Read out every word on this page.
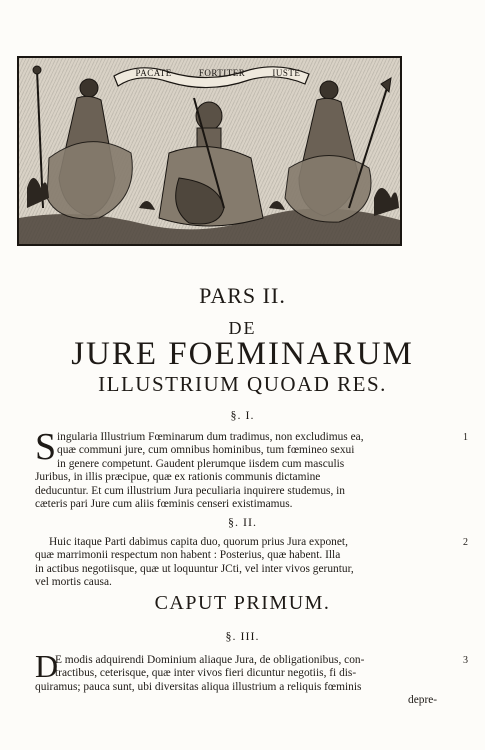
PACATE	FORTITER	IUSTE
PARS II.
DE
JURE FOEMINARUM
ILLUSTRIUM QUOAD RES.
§. I.
S	1
ingularia Illustrium Fœminarum dum tradimus, non excludimus ea,
quæ communi jure, cum omnibus hominibus, tum fœmineo sexui
in genere competunt. Gaudent plerumque iisdem cum masculis
Juribus, in illis præcipue, quæ ex rationis communis dictamine
deducuntur. Et cum illustrium Jura peculiaria inquirere studemus, in
cæteris pari Jure cum aliis fœminis censeri existimamus.
§. II.
2
Huic itaque Parti dabimus capita duo, quorum prius Jura exponet,
quæ marrimonii respectum non habent : Posterius, quæ habent. Illa
in actibus negotiisque, quæ ut loquuntur JCti, vel inter vivos geruntur,
vel mortis causa.
CAPUT PRIMUM.
§. III.
D	3
E modis adquirendi Dominium aliaque Jura, de obligationibus, con-
tractibus, ceterisque, quæ inter vivos fieri dicuntur negotiis, fi dis-
quiramus; pauca sunt, ubi diversitas aliqua illustrium a reliquis fœminis
depre-
